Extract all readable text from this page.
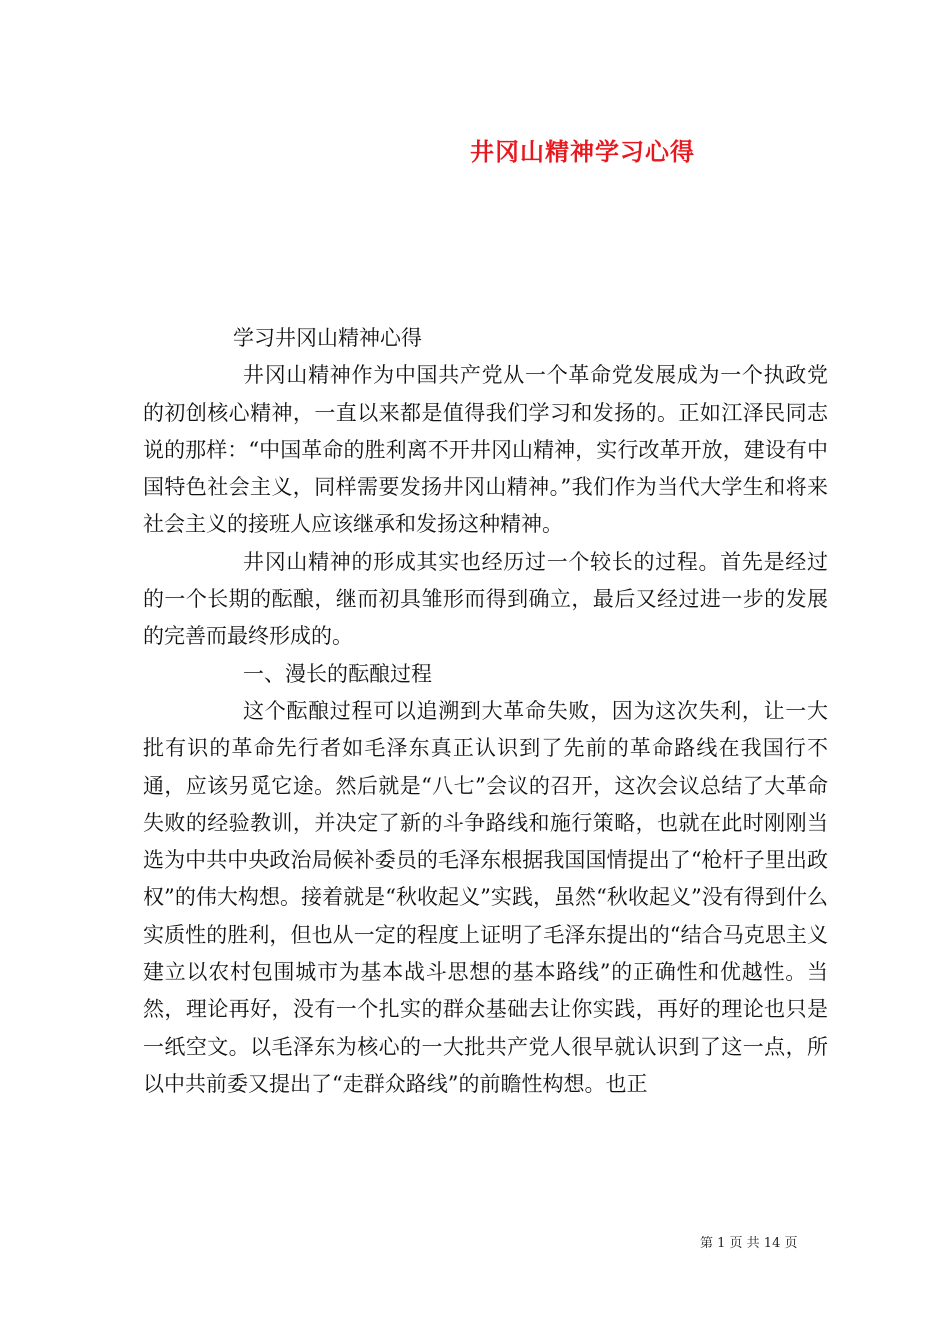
井冈山精神学习心得

学习井冈山精神心得

井冈山精神作为中国共产党从一个革命党发展成为一个执政党的初创核心精神，一直以来都是值得我们学习和发扬的。正如江泽民同志说的那样：“中国革命的胜利离不开井冈山精神，实行改革开放，建设有中国特色社会主义，同样需要发扬井冈山精神。”我们作为当代大学生和将来社会主义的接班人应该继承和发扬这种精神。

井冈山精神的形成其实也经历过一个较长的过程。首先是经过的一个长期的酝酿，继而初具雏形而得到确立，最后又经过进一步的发展的完善而最终形成的。

一、漫长的酝酿过程

这个酝酿过程可以追溯到大革命失败，因为这次失利，让一大批有识的革命先行者如毛泽东真正认识到了先前的革命路线在我国行不通，应该另觅它途。然后就是“八七”会议的召开，这次会议总结了大革命失败的经验教训，并决定了新的斗争路线和施行策略，也就在此时刚刚当选为中共中央政治局候补委员的毛泽东根据我国国情提出了“枪杆子里出政权”的伟大构想。接着就是“秋收起义”实践，虽然“秋收起义”没有得到什么实质性的胜利，但也从一定的程度上证明了毛泽东提出的“结合马克思主义建立以农村包围城市为基本战斗思想的基本路线”的正确性和优越性。当然，理论再好，没有一个扎实的群众基础去让你实践，再好的理论也只是一纸空文。以毛泽东为核心的一大批共产党人很早就认识到了这一点，所以中共前委又提出了“走群众路线”的前瞻性构想。也正

第 1 页 共 14 页
